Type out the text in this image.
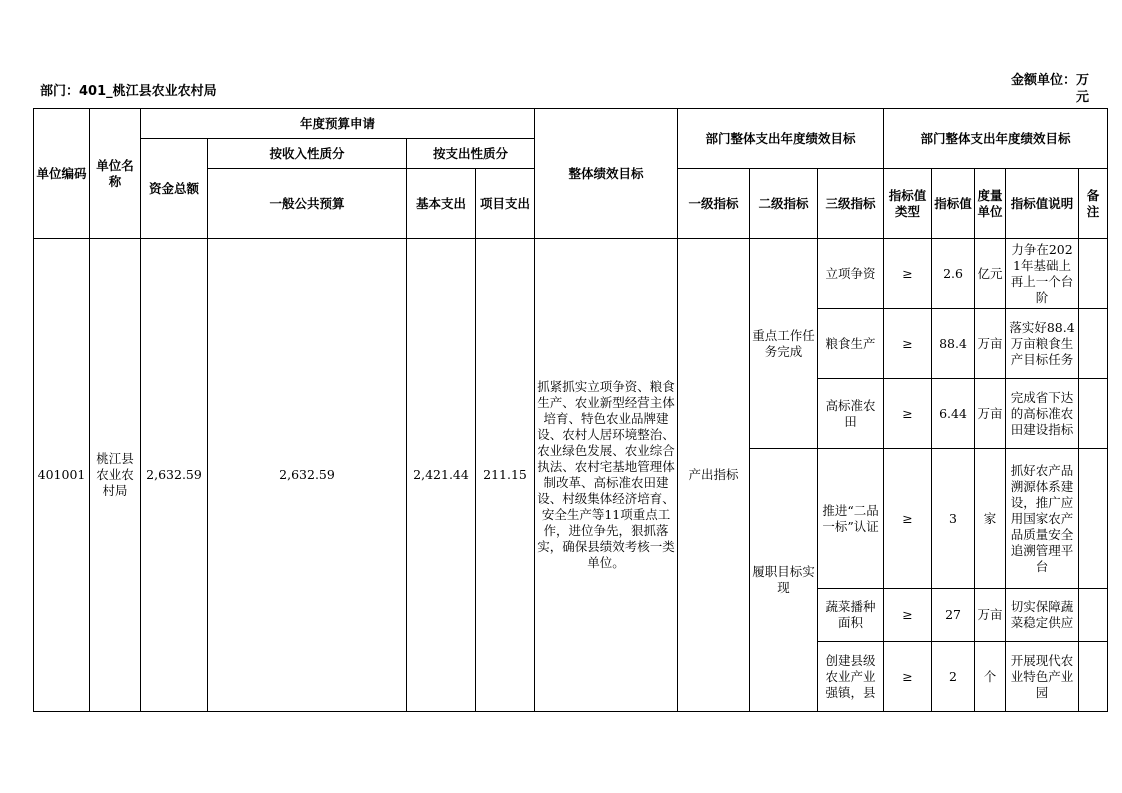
部门：401_桃江县农业农村局
金额单位：万元
单位编码	单位名称	年度预算申请				整体绩效目标	部门整体支出年度绩效目标			部门整体支出年度绩效目标				
		资金总额	按收入性质分	按支出性质分										
			一般公共预算	基本支出	项目支出		一级指标	二级指标	三级指标	指标值类型	指标值	度量单位	指标值说明	备注
401001	桃江县农业农村局	2,632.59	2,632.59	2,421.44	211.15	抓紧抓实立项争资、粮食生产、农业新型经营主体培育、特色农业品牌建设、农村人居环境整治、农业绿色发展、农业综合执法、农村宅基地管理体制改革、高标准农田建设、村级集体经济培育、安全生产等11项重点工作，进位争先，狠抓落实，确保县绩效考核一类单位。	产出指标	重点工作任务完成	立项争资	≥	2.6	亿元	力争在2021年基础上再上一个台阶	
									粮食生产	≥	88.4	万亩	落实好88.4万亩粮食生产目标任务	
									高标准农田	≥	6.44	万亩	完成省下达的高标准农田建设指标	
								履职目标实现	推进“二品一标”认证	≥	3	家	抓好农产品溯源体系建设，推广应用国家农产品质量安全追溯管理平台	
									蔬菜播种面积	≥	27	万亩	切实保障蔬菜稳定供应	
									创建县级农业产业强镇，县	≥	2	个	开展现代农业特色产业园	
